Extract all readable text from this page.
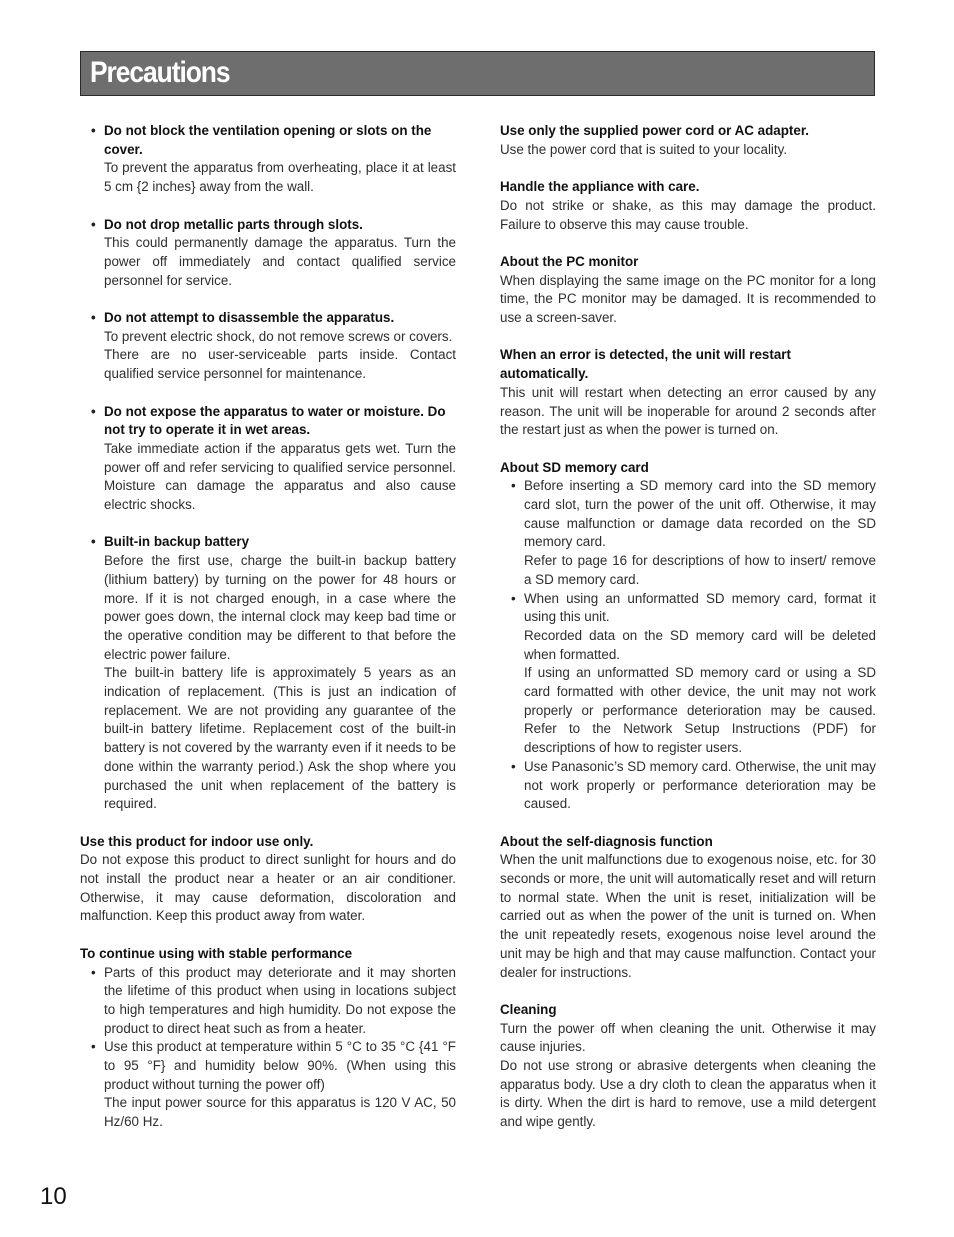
Precautions
• Do not block the ventilation opening or slots on the cover.

To prevent the apparatus from overheating, place it at least 5 cm {2 inches} away from the wall.

• Do not drop metallic parts through slots.

This could permanently damage the apparatus. Turn the power off immediately and contact qualified service personnel for service.

• Do not attempt to disassemble the apparatus.

To prevent electric shock, do not remove screws or covers.

There are no user-serviceable parts inside. Contact qualified service personnel for maintenance.

• Do not expose the apparatus to water or moisture. Do not try to operate it in wet areas.

Take immediate action if the apparatus gets wet. Turn the power off and refer servicing to qualified service personnel. Moisture can damage the apparatus and also cause electric shocks.

• Built-in backup battery

Before the first use, charge the built-in backup battery (lithium battery) by turning on the power for 48 hours or more. If it is not charged enough, in a case where the power goes down, the internal clock may keep bad time or the operative condition may be different to that before the electric power failure.

The built-in battery life is approximately 5 years as an indication of replacement. (This is just an indication of replacement. We are not providing any guarantee of the built-in battery lifetime. Replacement cost of the built-in battery is not covered by the warranty even if it needs to be done within the warranty period.) Ask the shop where you purchased the unit when replacement of the battery is required.

Use this product for indoor use only.

Do not expose this product to direct sunlight for hours and do not install the product near a heater or an air conditioner. Otherwise, it may cause deformation, discoloration and malfunction. Keep this product away from water.

To continue using with stable performance

• Parts of this product may deteriorate and it may shorten the lifetime of this product when using in locations subject to high temperatures and high humidity. Do not expose the product to direct heat such as from a heater.

• Use this product at temperature within 5 °C to 35 °C {41 °F to 95 °F} and humidity below 90%. (When using this product without turning the power off)

The input power source for this apparatus is 120 V AC, 50 Hz/60 Hz.

Use only the supplied power cord or AC adapter.

Use the power cord that is suited to your locality.

Handle the appliance with care.

Do not strike or shake, as this may damage the product. Failure to observe this may cause trouble.

About the PC monitor

When displaying the same image on the PC monitor for a long time, the PC monitor may be damaged. It is recommended to use a screen-saver.

When an error is detected, the unit will restart automatically.

This unit will restart when detecting an error caused by any reason. The unit will be inoperable for around 2 seconds after the restart just as when the power is turned on.

About SD memory card

• Before inserting a SD memory card into the SD memory card slot, turn the power of the unit off. Otherwise, it may cause malfunction or damage data recorded on the SD memory card.

Refer to page 16 for descriptions of how to insert/ remove a SD memory card.

• When using an unformatted SD memory card, format it using this unit.

Recorded data on the SD memory card will be deleted when formatted.

If using an unformatted SD memory card or using a SD card formatted with other device, the unit may not work properly or performance deterioration may be caused. Refer to the Network Setup Instructions (PDF) for descriptions of how to register users.

• Use Panasonic’s SD memory card. Otherwise, the unit may not work properly or performance deterioration may be caused.

About the self-diagnosis function

When the unit malfunctions due to exogenous noise, etc. for 30 seconds or more, the unit will automatically reset and will return to normal state. When the unit is reset, initialization will be carried out as when the power of the unit is turned on. When the unit repeatedly resets, exogenous noise level around the unit may be high and that may cause malfunction. Contact your dealer for instructions.

Cleaning

Turn the power off when cleaning the unit. Otherwise it may cause injuries.

Do not use strong or abrasive detergents when cleaning the apparatus body. Use a dry cloth to clean the apparatus when it is dirty. When the dirt is hard to remove, use a mild detergent and wipe gently.

10
